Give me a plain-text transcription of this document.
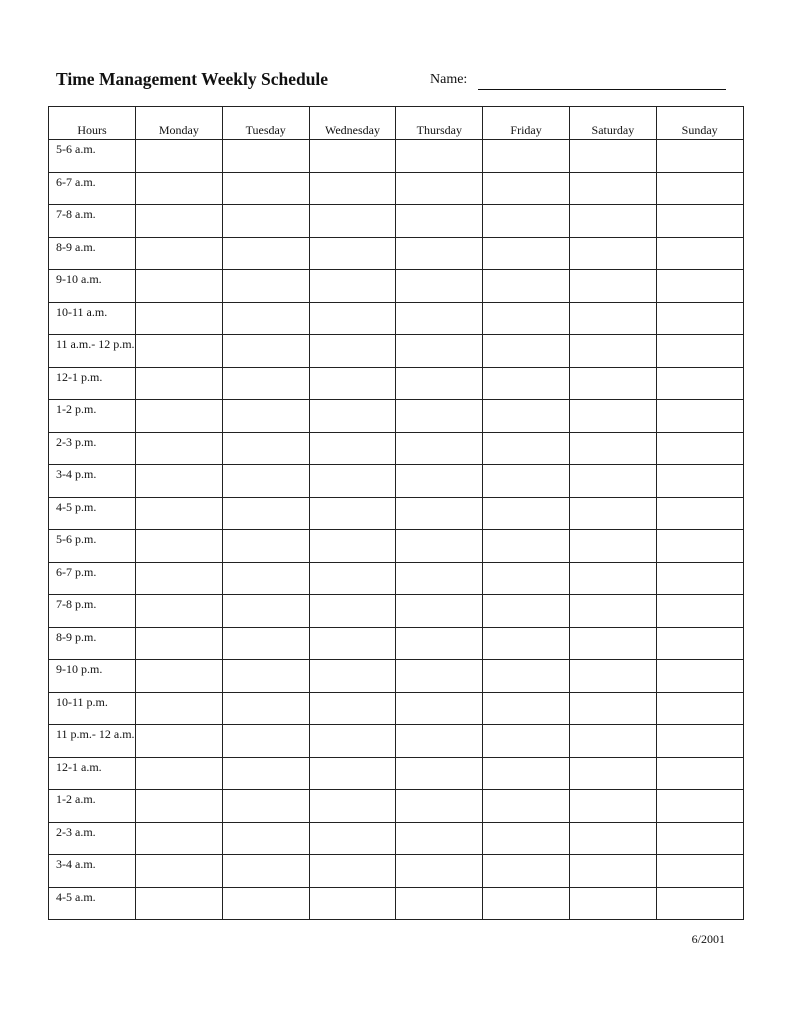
Time Management Weekly Schedule	Name:
Hours	Monday	Tuesday	Wednesday	Thursday	Friday	Saturday	Sunday
5-6 a.m.							
6-7 a.m.							
7-8 a.m.							
8-9 a.m.							
9-10 a.m.							
10-11 a.m.							
11 a.m.- 12 p.m.							
12-1 p.m.							
1-2 p.m.							
2-3 p.m.							
3-4 p.m.							
4-5 p.m.							
5-6 p.m.							
6-7 p.m.							
7-8 p.m.							
8-9 p.m.							
9-10 p.m.							
10-11 p.m.							
11 p.m.- 12 a.m.							
12-1 a.m.							
1-2 a.m.							
2-3 a.m.							
3-4 a.m.							
4-5 a.m.							
6/2001
